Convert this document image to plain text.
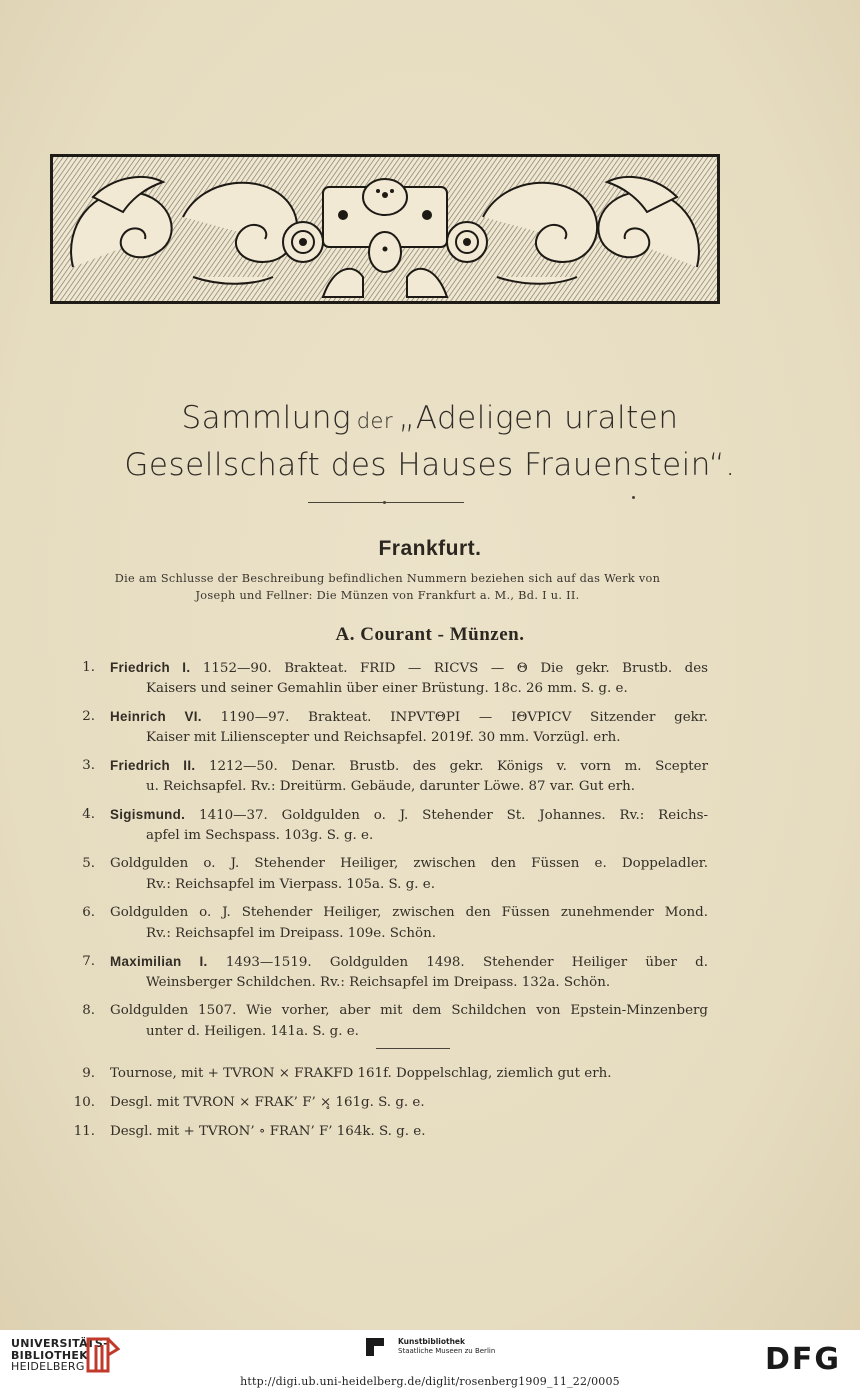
Sammlung der „Adeligen uralten
Gesellschaft des Hauses Frauenstein“.
Frankfurt.
Die am Schlusse der Beschreibung befindlichen Nummern beziehen sich auf das Werk von
Joseph und Fellner: Die Münzen von Frankfurt a. M., Bd. I u. II.
A. Courant - Münzen.
1. Friedrich I. 1152—90. Brakteat. FRID — RICVS — Θ Die gekr. Brustb. des
Kaisers und seiner Gemahlin über einer Brüstung. 18c. 26 mm. S. g. e.
2. Heinrich VI. 1190—97. Brakteat. INPVTΘPI — IΘVPICV Sitzender gekr.
Kaiser mit Lilienscepter und Reichsapfel. 2019f. 30 mm. Vorzügl. erh.
3. Friedrich II. 1212—50. Denar. Brustb. des gekr. Königs v. vorn m. Scepter
u. Reichsapfel. Rv.: Dreitürm. Gebäude, darunter Löwe. 87 var. Gut erh.
4. Sigismund. 1410—37. Goldgulden o. J. Stehender St. Johannes. Rv.: Reichs-
apfel im Sechspass. 103g. S. g. e.
5. Goldgulden o. J. Stehender Heiliger, zwischen den Füssen e. Doppeladler.
Rv.: Reichsapfel im Vierpass. 105a. S. g. e.
6. Goldgulden o. J. Stehender Heiliger, zwischen den Füssen zunehmender Mond.
Rv.: Reichsapfel im Dreipass. 109e. Schön.
7. Maximilian I. 1493—1519. Goldgulden 1498. Stehender Heiliger über d.
Weinsberger Schildchen. Rv.: Reichsapfel im Dreipass. 132a. Schön.
8. Goldgulden 1507. Wie vorher, aber mit dem Schildchen von Epstein-Minzenberg
unter d. Heiligen. 141a. S. g. e.
9. Tournose, mit + TVRON × FRAKFD 161f. Doppelschlag, ziemlich gut erh.
10. Desgl. mit TVRON × FRAK’ F’ ×̥ 161g. S. g. e.
11. Desgl. mit + TVRON’ ∘ FRAN’ F’ 164k. S. g. e.
UNIVERSITÄTS-
BIBLIOTHEK
HEIDELBERG
Kunstbibliothek
Staatliche Museen zu Berlin	DFG
http://digi.ub.uni-heidelberg.de/diglit/rosenberg1909_11_22/0005
